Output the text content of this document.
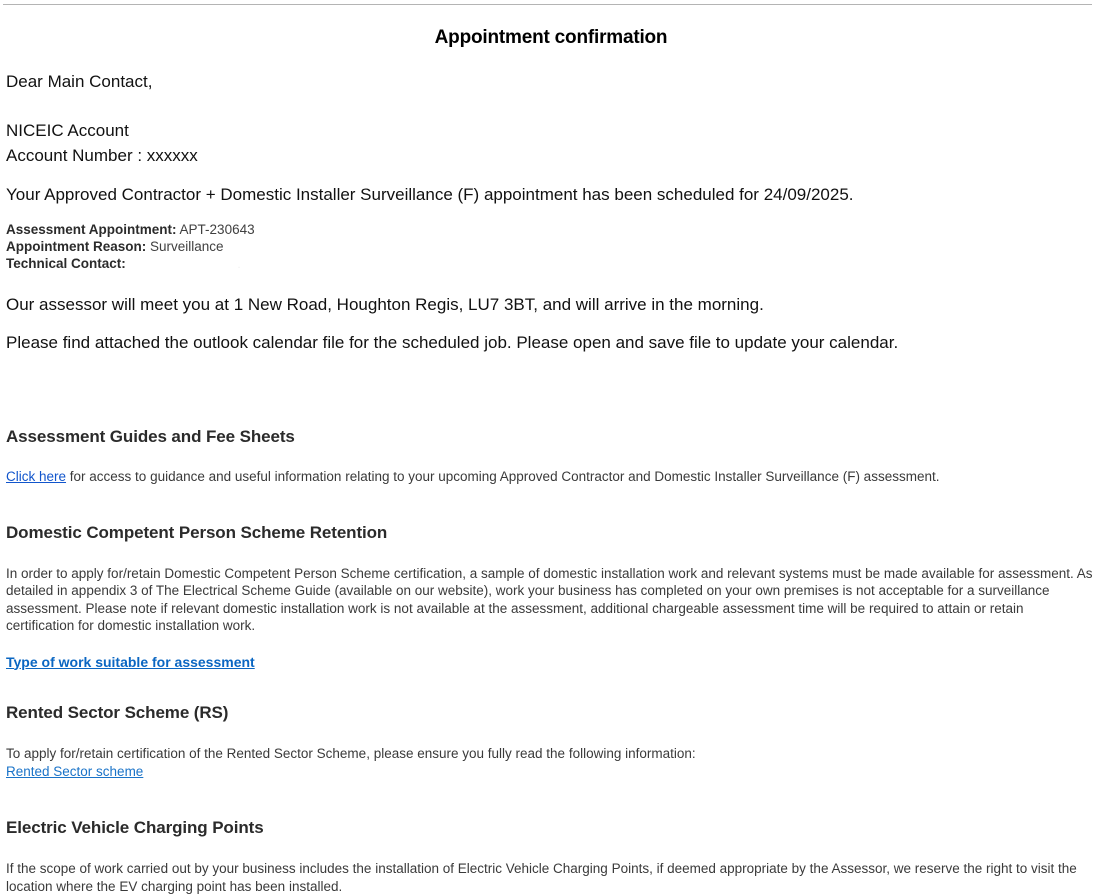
Appointment confirmation

Dear Main Contact,

NICEIC Account
Account Number : xxxxxx

Your Approved Contractor + Domestic Installer Surveillance (F) appointment has been scheduled for 24/09/2025.

Assessment Appointment: APT-230643
Appointment Reason: Surveillance
Technical Contact:	.

Our assessor will meet you at 1 New Road, Houghton Regis, LU7 3BT, and will arrive in the morning.

Please find attached the outlook calendar file for the scheduled job. Please open and save file to update your calendar.

Assessment Guides and Fee Sheets

Click here for access to guidance and useful information relating to your upcoming Approved Contractor and Domestic Installer Surveillance (F) assessment.

Domestic Competent Person Scheme Retention

In order to apply for/retain Domestic Competent Person Scheme certification, a sample of domestic installation work and relevant systems must be made available for assessment. As detailed in appendix 3 of The Electrical Scheme Guide (available on our website), work your business has completed on your own premises is not acceptable for a surveillance assessment. Please note if relevant domestic installation work is not available at the assessment, additional chargeable assessment time will be required to attain or retain certification for domestic installation work.

Type of work suitable for assessment

Rented Sector Scheme (RS)

To apply for/retain certification of the Rented Sector Scheme, please ensure you fully read the following information:

Rented Sector scheme

Electric Vehicle Charging Points

If the scope of work carried out by your business includes the installation of Electric Vehicle Charging Points, if deemed appropriate by the Assessor, we reserve the right to visit the location where the EV charging point has been installed.
